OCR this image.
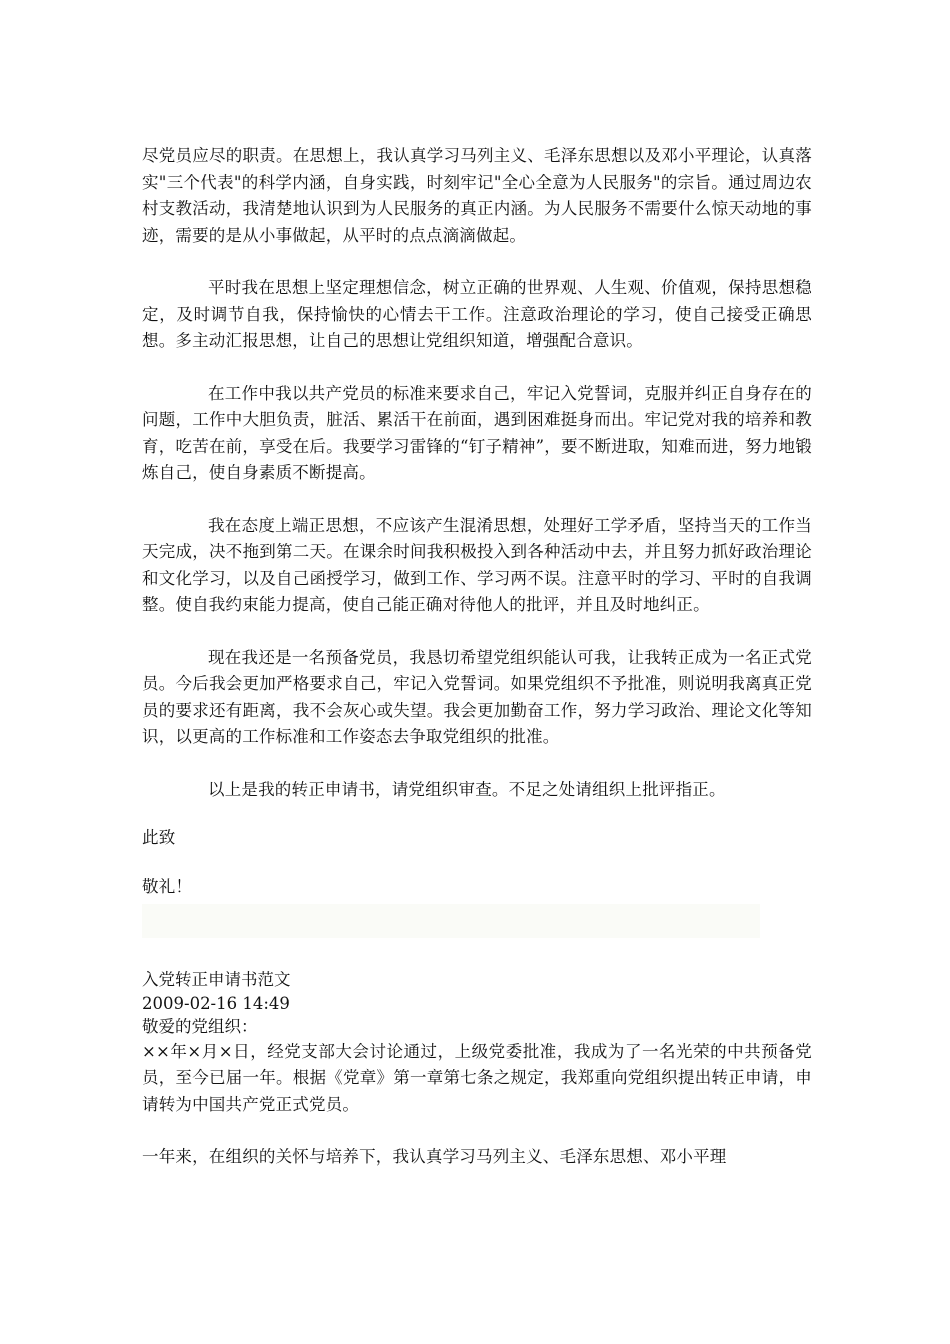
尽党员应尽的职责。在思想上，我认真学习马列主义、毛泽东思想以及邓小平理论，认真落实"三个代表"的科学内涵，自身实践，时刻牢记"全心全意为人民服务"的宗旨。通过周边农村支教活动，我清楚地认识到为人民服务的真正内涵。为人民服务不需要什么惊天动地的事迹，需要的是从小事做起，从平时的点点滴滴做起。

平时我在思想上坚定理想信念，树立正确的世界观、人生观、价值观，保持思想稳定，及时调节自我，保持愉快的心情去干工作。注意政治理论的学习，使自己接受正确思想。多主动汇报思想，让自己的思想让党组织知道，增强配合意识。

在工作中我以共产党员的标准来要求自己，牢记入党誓词，克服并纠正自身存在的问题，工作中大胆负责，脏活、累活干在前面，遇到困难挺身而出。牢记党对我的培养和教育，吃苦在前，享受在后。我要学习雷锋的“钉子精神”，要不断进取，知难而进，努力地锻炼自己，使自身素质不断提高。

我在态度上端正思想，不应该产生混淆思想，处理好工学矛盾，坚持当天的工作当天完成，决不拖到第二天。在课余时间我积极投入到各种活动中去，并且努力抓好政治理论和文化学习，以及自己函授学习，做到工作、学习两不误。注意平时的学习、平时的自我调整。使自我约束能力提高，使自己能正确对待他人的批评，并且及时地纠正。

现在我还是一名预备党员，我恳切希望党组织能认可我，让我转正成为一名正式党员。今后我会更加严格要求自己，牢记入党誓词。如果党组织不予批准，则说明我离真正党员的要求还有距离，我不会灰心或失望。我会更加勤奋工作，努力学习政治、理论文化等知识，以更高的工作标准和工作姿态去争取党组织的批准。

以上是我的转正申请书，请党组织审查。不足之处请组织上批评指正。

此致

敬礼！

入党转正申请书范文

2009-02-16 14:49

敬爱的党组织：

××年×月×日，经党支部大会讨论通过，上级党委批准，我成为了一名光荣的中共预备党员，至今已届一年。根据《党章》第一章第七条之规定，我郑重向党组织提出转正申请，申请转为中国共产党正式党员。

一年来，在组织的关怀与培养下，我认真学习马列主义、毛泽东思想、邓小平理
